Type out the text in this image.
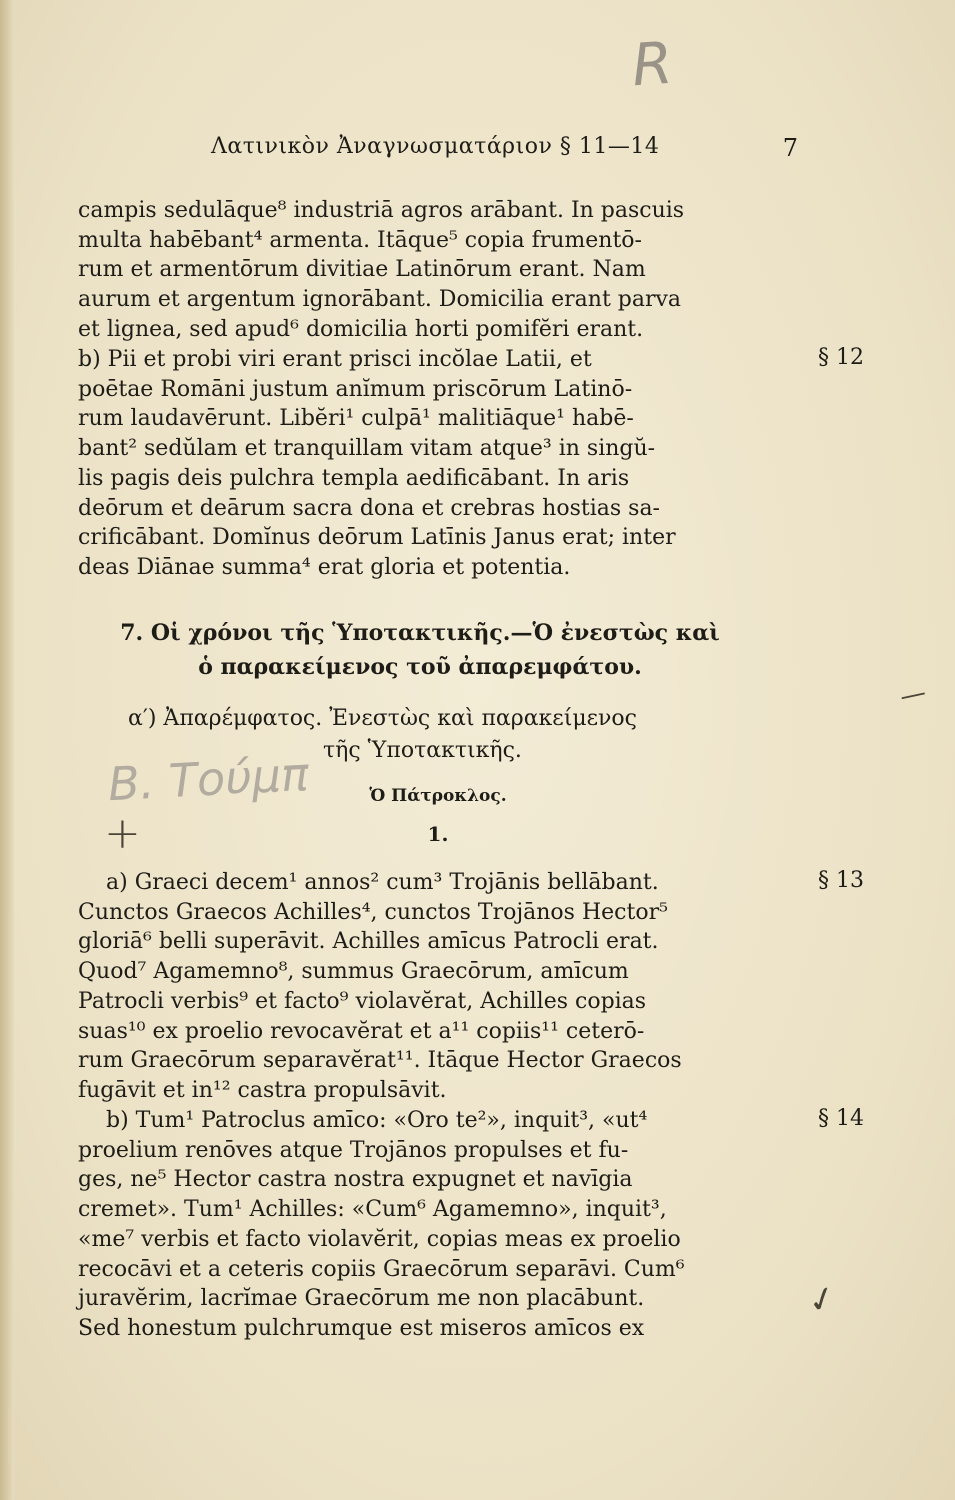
R
Λατινικὸν Ἀναγνωσματάριον § 11—14	7

campis sedulāque⁸ industriā agros arābant. In pascuis

multa habēbant⁴ armenta. Itāque⁵ copia frumentō-

rum et armentōrum divitiae Latinōrum erant. Nam

aurum et argentum ignorābant. Domicilia erant parva

et lignea, sed apud⁶ domicilia horti pomifĕri erant.

b) Pii et probi viri erant prisci incŏlae Latii, et

poētae Romāni justum anĭmum priscōrum Latinō-

rum laudavērunt. Libĕri¹ culpā¹ malitiāque¹ habē-

bant² sedŭlam et tranquillam vitam atque³ in singŭ-

lis pagis deis pulchra templa aedificābant. In aris

deōrum et deārum sacra dona et crebras hostias sa-

crificābant. Domĭnus deōrum Latīnis Janus erat; inter

deas Diānae summa⁴ erat gloria et potentia.

§ 12
7. Οἱ χρόνοι τῆς Ὑποτακτικῆς.—Ὁ ἐνεστὼς καὶ
ὁ παρακείμενος τοῦ ἀπαρεμφάτου.
α′) Ἀπαρέμφατος. Ἐνεστὼς καὶ παρακείμενος
τῆς Ὑποτακτικῆς.
B. Τούμπ	Ὁ Πάτροκλος.
1.
+

a) Graeci decem¹ annos² cum³ Trojānis bellābant.

Cunctos Graecos Achilles⁴, cunctos Trojānos Hector⁵

gloriā⁶ belli superāvit. Achilles amīcus Patrocli erat.

Quod⁷ Agamemno⁸, summus Graecōrum, amīcum

Patrocli verbis⁹ et facto⁹ violavĕrat, Achilles copias

suas¹⁰ ex proelio revocavĕrat et a¹¹ copiis¹¹ ceterō-

rum Graecōrum separavĕrat¹¹. Itāque Hector Graecos

fugāvit et in¹² castra propulsāvit.

§ 13

b) Tum¹ Patroclus amīco: «Oro te²», inquit³, «ut⁴

proelium renōves atque Trojānos propulses et fu-

ges, ne⁵ Hector castra nostra expugnet et navīgia

cremet». Tum¹ Achilles: «Cum⁶ Agamemno», inquit³,

«me⁷ verbis et facto violavĕrit, copias meas ex proelio

recocāvi et a ceteris copiis Graecōrum separāvi. Cum⁶

juravĕrim, lacrĭmae Graecōrum me non placābunt.

Sed honestum pulchrumque est miseros amīcos ex

§ 14
—
✓
